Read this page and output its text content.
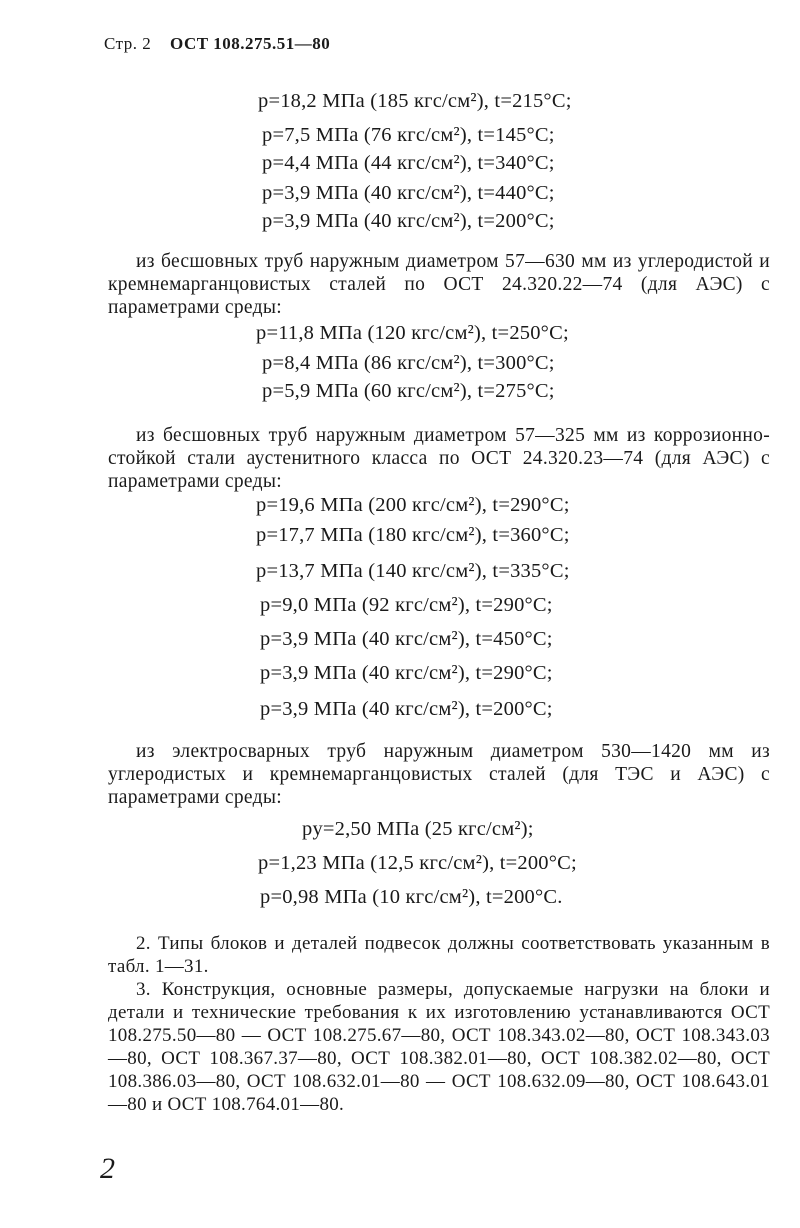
Стр. 2 ОСТ 108.275.51—80
p=18,2 МПа (185 кгс/см²), t=215°С;
p=7,5 МПа (76 кгс/см²), t=145°С;
p=4,4 МПа (44 кгс/см²), t=340°С;
p=3,9 МПа (40 кгс/см²), t=440°С;
p=3,9 МПа (40 кгс/см²), t=200°С;
из бесшовных труб наружным диаметром 57—630 мм из углеродистой и кремнемарганцовистых сталей по ОСТ 24.320.22—74 (для АЭС) с параметрами среды:
p=11,8 МПа (120 кгс/см²), t=250°С;
p=8,4 МПа (86 кгс/см²), t=300°С;
p=5,9 МПа (60 кгс/см²), t=275°С;
из бесшовных труб наружным диаметром 57—325 мм из коррозионно-стойкой стали аустенитного класса по ОСТ 24.320.23—74 (для АЭС) с параметрами среды:
p=19,6 МПа (200 кгс/см²), t=290°С;
p=17,7 МПа (180 кгс/см²), t=360°С;
p=13,7 МПа (140 кгс/см²), t=335°С;
p=9,0 МПа (92 кгс/см²), t=290°С;
p=3,9 МПа (40 кгс/см²), t=450°С;
p=3,9 МПа (40 кгс/см²), t=290°С;
p=3,9 МПа (40 кгс/см²), t=200°С;
из электросварных труб наружным диаметром 530—1420 мм из углеродистых и кремнемарганцовистых сталей (для ТЭС и АЭС) с параметрами среды:
pу=2,50 МПа (25 кгс/см²);
p=1,23 МПа (12,5 кгс/см²), t=200°С;
p=0,98 МПа (10 кгс/см²), t=200°С.
2. Типы блоков и деталей подвесок должны соответствовать указанным в табл. 1—31.
3. Конструкция, основные размеры, допускаемые нагрузки на блоки и детали и технические требования к их изготовлению устанавливаются ОСТ 108.275.50—80 — ОСТ 108.275.67—80, ОСТ 108.343.02—80, ОСТ 108.343.03—80, ОСТ 108.367.37—80, ОСТ 108.382.01—80, ОСТ 108.382.02—80, ОСТ 108.386.03—80, ОСТ 108.632.01—80 — ОСТ 108.632.09—80, ОСТ 108.643.01—80 и ОСТ 108.764.01—80.
2
